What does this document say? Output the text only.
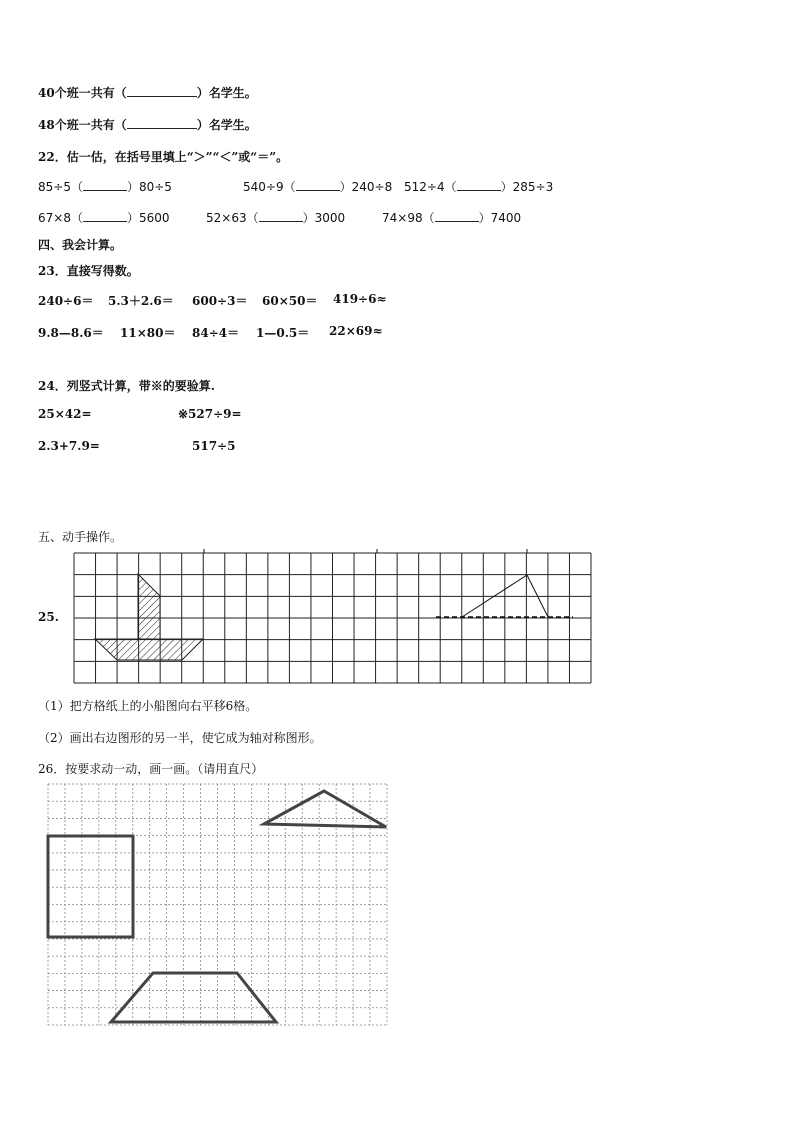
40个班一共有（	）名学生。
48个班一共有（	）名学生。
22．估一估，在括号里填上“＞”“＜”或“＝”。
85÷5（	）80÷5	540÷9（	）240÷8 512÷4（	）285÷3
67×8（	）5600	52×63（	）3000	74×98（	）7400
四、我会计算。
23．直接写得数。
240÷6＝ 5.3＋2.6＝ 600÷3＝ 60×50＝ 419÷6≈
9.8—8.6＝ 11×80＝ 84÷4＝ 1—0.5＝ 22×69≈
24．列竖式计算，带※的要验算.
25×42=	※527÷9=
2.3+7.9=	517÷5
五、动手操作。
25.
（1）把方格纸上的小船图向右平移6格。
（2）画出右边图形的另一半，使它成为轴对称图形。
26．按要求动一动，画一画。（请用直尺）
